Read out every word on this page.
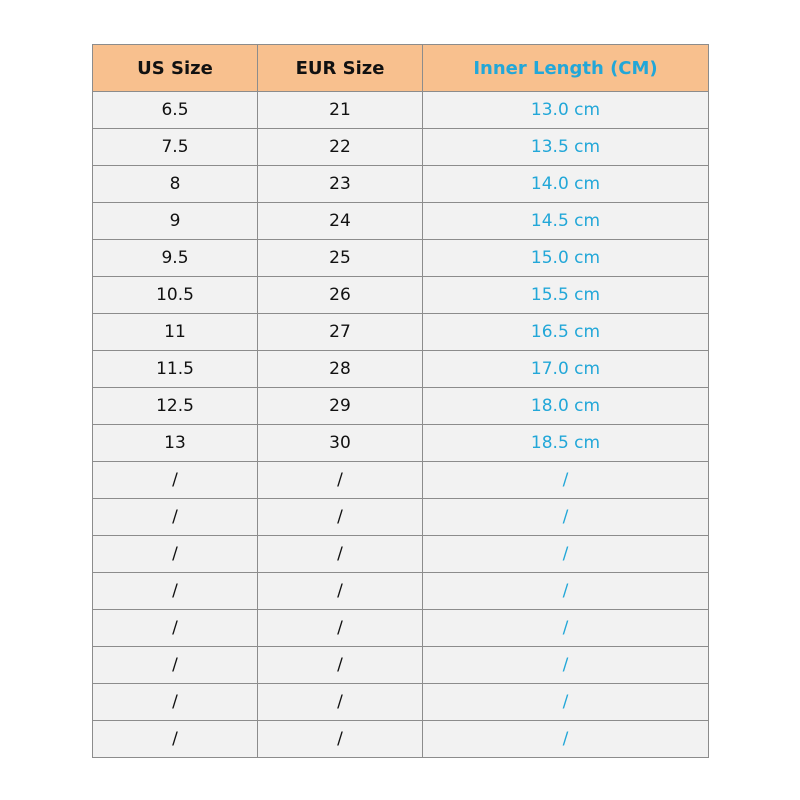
US Size	EUR Size	Inner Length (CM)
6.5	21	13.0 cm
7.5	22	13.5 cm
8	23	14.0 cm
9	24	14.5 cm
9.5	25	15.0 cm
10.5	26	15.5 cm
11	27	16.5 cm
11.5	28	17.0 cm
12.5	29	18.0 cm
13	30	18.5 cm
/	/	/
/	/	/
/	/	/
/	/	/
/	/	/
/	/	/
/	/	/
/	/	/
